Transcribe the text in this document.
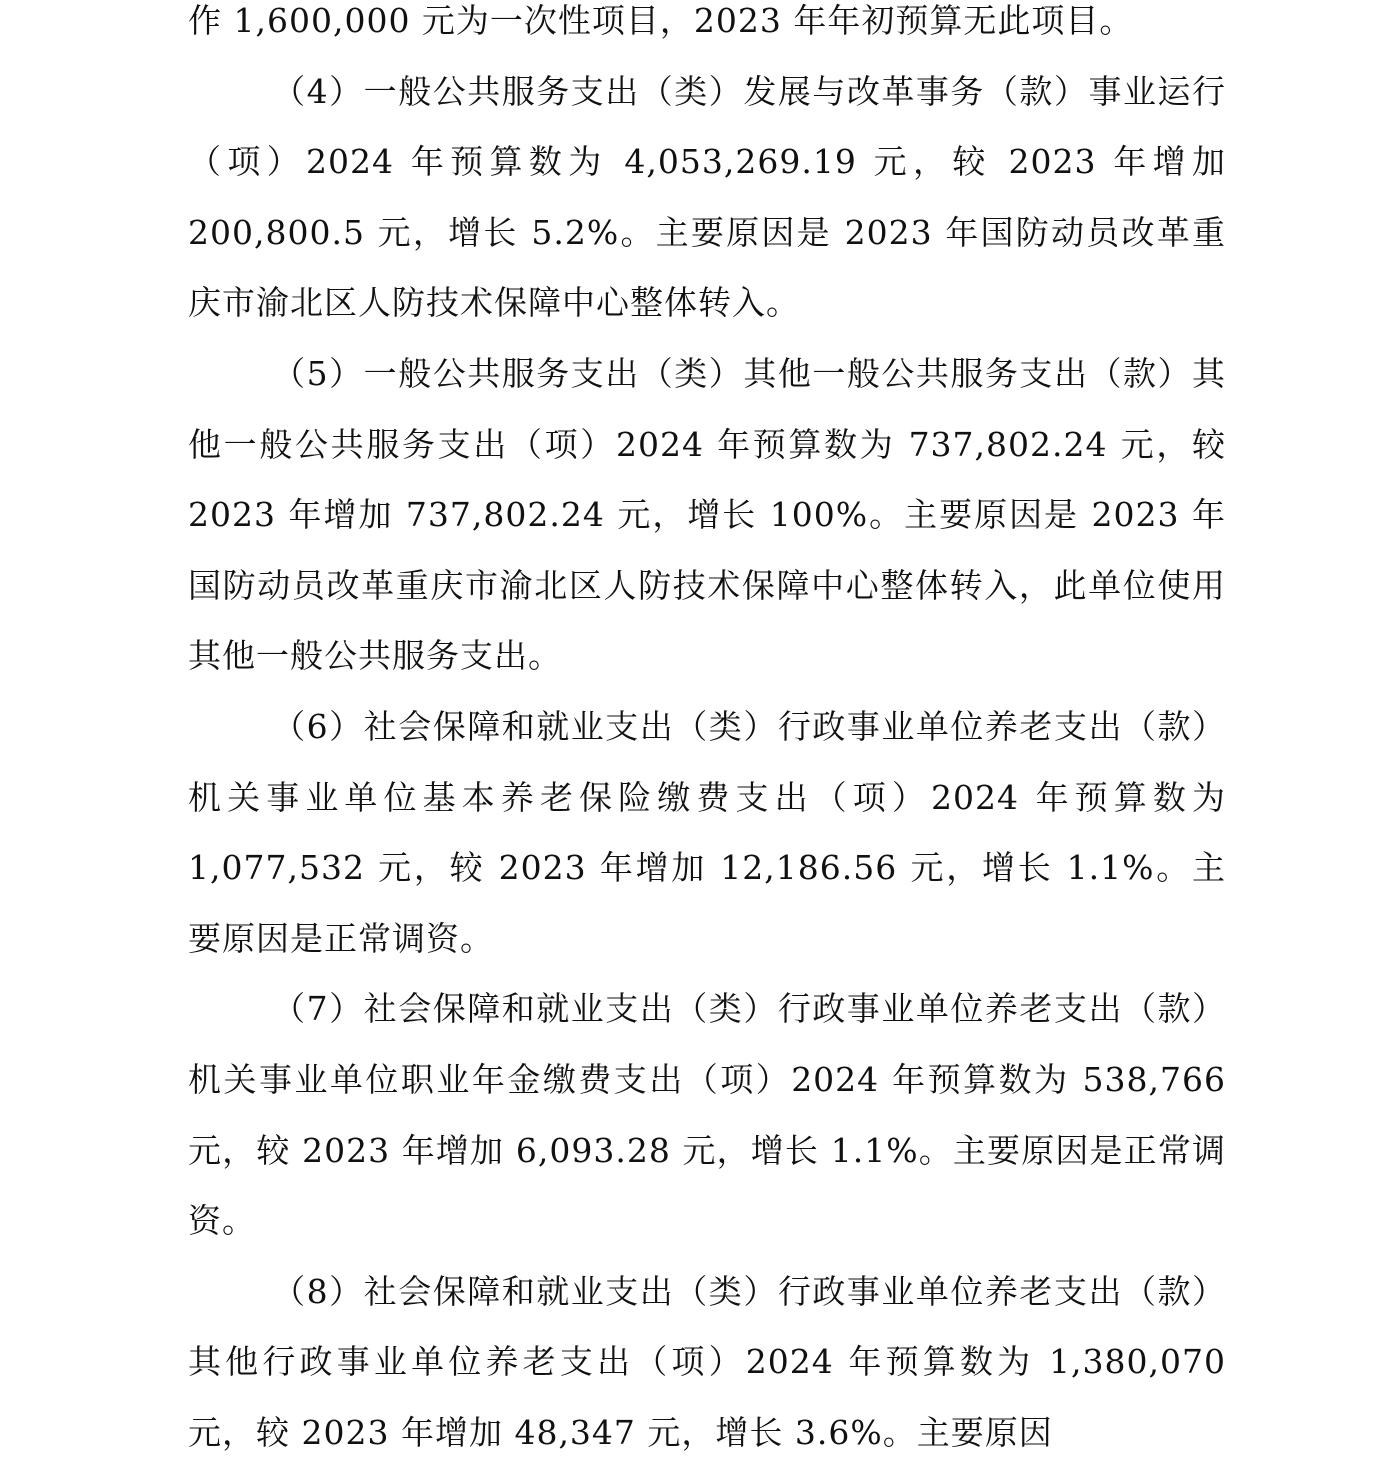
作 1,600,000 元为一次性项目，2023 年年初预算无此项目。

（4）一般公共服务支出（类）发展与改革事务（款）事业运行（项）2024 年预算数为 4,053,269.19 元，较 2023 年增加 200,800.5 元，增长 5.2%。主要原因是 2023 年国防动员改革重庆市渝北区人防技术保障中心整体转入。

（5）一般公共服务支出（类）其他一般公共服务支出（款）其他一般公共服务支出（项）2024 年预算数为 737,802.24 元，较 2023 年增加 737,802.24 元，增长 100%。主要原因是 2023 年国防动员改革重庆市渝北区人防技术保障中心整体转入，此单位使用其他一般公共服务支出。

（6）社会保障和就业支出（类）行政事业单位养老支出（款）机关事业单位基本养老保险缴费支出（项）2024 年预算数为 1,077,532 元，较 2023 年增加 12,186.56 元，增长 1.1%。主要原因是正常调资。

（7）社会保障和就业支出（类）行政事业单位养老支出（款）机关事业单位职业年金缴费支出（项）2024 年预算数为 538,766 元，较 2023 年增加 6,093.28 元，增长 1.1%。主要原因是正常调资。

（8）社会保障和就业支出（类）行政事业单位养老支出（款）其他行政事业单位养老支出（项）2024 年预算数为 1,380,070 元，较 2023 年增加 48,347 元，增长 3.6%。主要原因
